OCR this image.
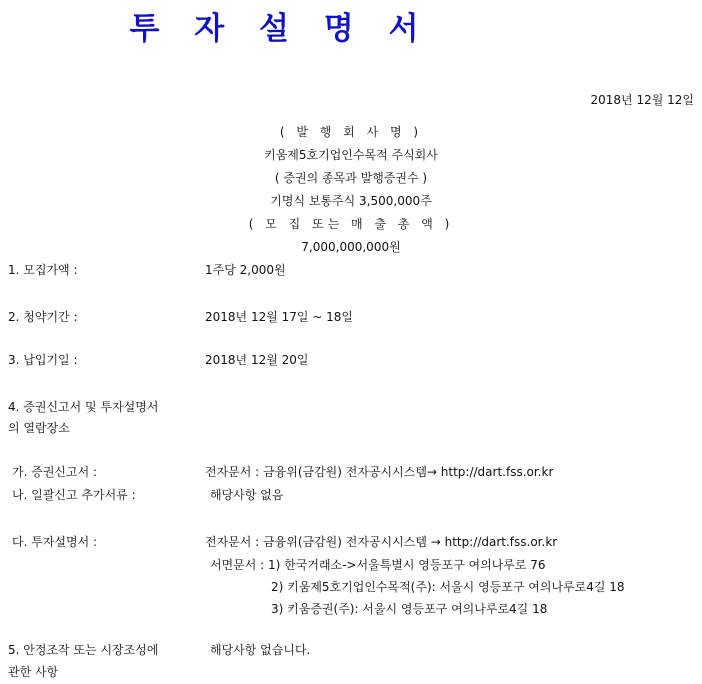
투 자 설 명 서
2018년 12월 12일
( 발 행 회 사 명 )
키움제5호기업인수목적 주식회사
( 증권의 종목과 발행증권수 )
기명식 보통주식 3,500,000주
( 모 집 또는 매 출 총 액 )
7,000,000,000원
1. 모집가액 :	1주당 2,000원
2. 청약기간 :	2018년 12월 17일 ~ 18일
3. 납입기일 :	2018년 12월 20일
4. 증권신고서 및 투자설명서
의 열람장소
가. 증권신고서 :	전자문서 : 금융위(금감원) 전자공시시스템→ http://dart.fss.or.kr
나. 일괄신고 추가서류 :	해당사항 없음
다. 투자설명서 :	전자문서 : 금융위(금감원) 전자공시시스템 → http://dart.fss.or.kr
서면문서 : 1) 한국거래소->서울특별시 영등포구 여의나루로 76
2) 키움제5호기업인수목적(주): 서울시 영등포구 여의나루로4길 18
3) 키움증권(주): 서울시 영등포구 여의나루로4길 18
5. 안정조작 또는 시장조성에	해당사항 없습니다.
관한 사항
